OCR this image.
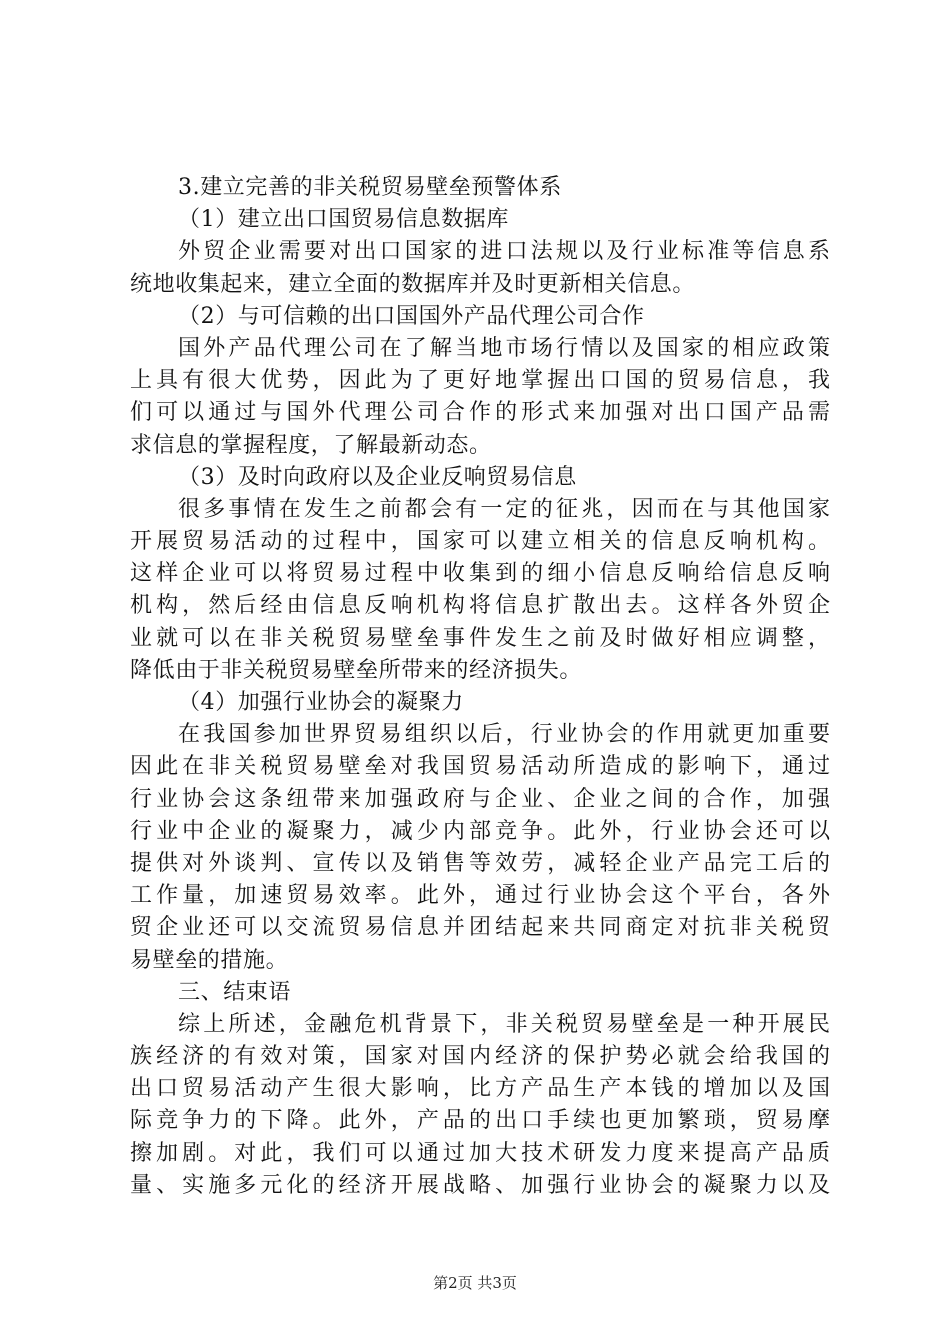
3.建立完善的非关税贸易壁垒预警体系
（1）建立出口国贸易信息数据库
外贸企业需要对出口国家的进口法规以及行业标准等信息系
统地收集起来，建立全面的数据库并及时更新相关信息。
（2）与可信赖的出口国国外产品代理公司合作
国外产品代理公司在了解当地市场行情以及国家的相应政策
上具有很大优势，因此为了更好地掌握出口国的贸易信息，我
们可以通过与国外代理公司合作的形式来加强对出口国产品需
求信息的掌握程度，了解最新动态。
（3）及时向政府以及企业反响贸易信息
很多事情在发生之前都会有一定的征兆，因而在与其他国家
开展贸易活动的过程中，国家可以建立相关的信息反响机构。
这样企业可以将贸易过程中收集到的细小信息反响给信息反响
机构，然后经由信息反响机构将信息扩散出去。这样各外贸企
业就可以在非关税贸易壁垒事件发生之前及时做好相应调整，
降低由于非关税贸易壁垒所带来的经济损失。
（4）加强行业协会的凝聚力
在我国参加世界贸易组织以后，行业协会的作用就更加重要
因此在非关税贸易壁垒对我国贸易活动所造成的影响下，通过
行业协会这条纽带来加强政府与企业、企业之间的合作，加强
行业中企业的凝聚力，减少内部竞争。此外，行业协会还可以
提供对外谈判、宣传以及销售等效劳，减轻企业产品完工后的
工作量，加速贸易效率。此外，通过行业协会这个平台，各外
贸企业还可以交流贸易信息并团结起来共同商定对抗非关税贸
易壁垒的措施。
三、结束语
综上所述，金融危机背景下，非关税贸易壁垒是一种开展民
族经济的有效对策，国家对国内经济的保护势必就会给我国的
出口贸易活动产生很大影响，比方产品生产本钱的增加以及国
际竞争力的下降。此外，产品的出口手续也更加繁琐，贸易摩
擦加剧。对此，我们可以通过加大技术研发力度来提高产品质
量、实施多元化的经济开展战略、加强行业协会的凝聚力以及
第2页 共3页
